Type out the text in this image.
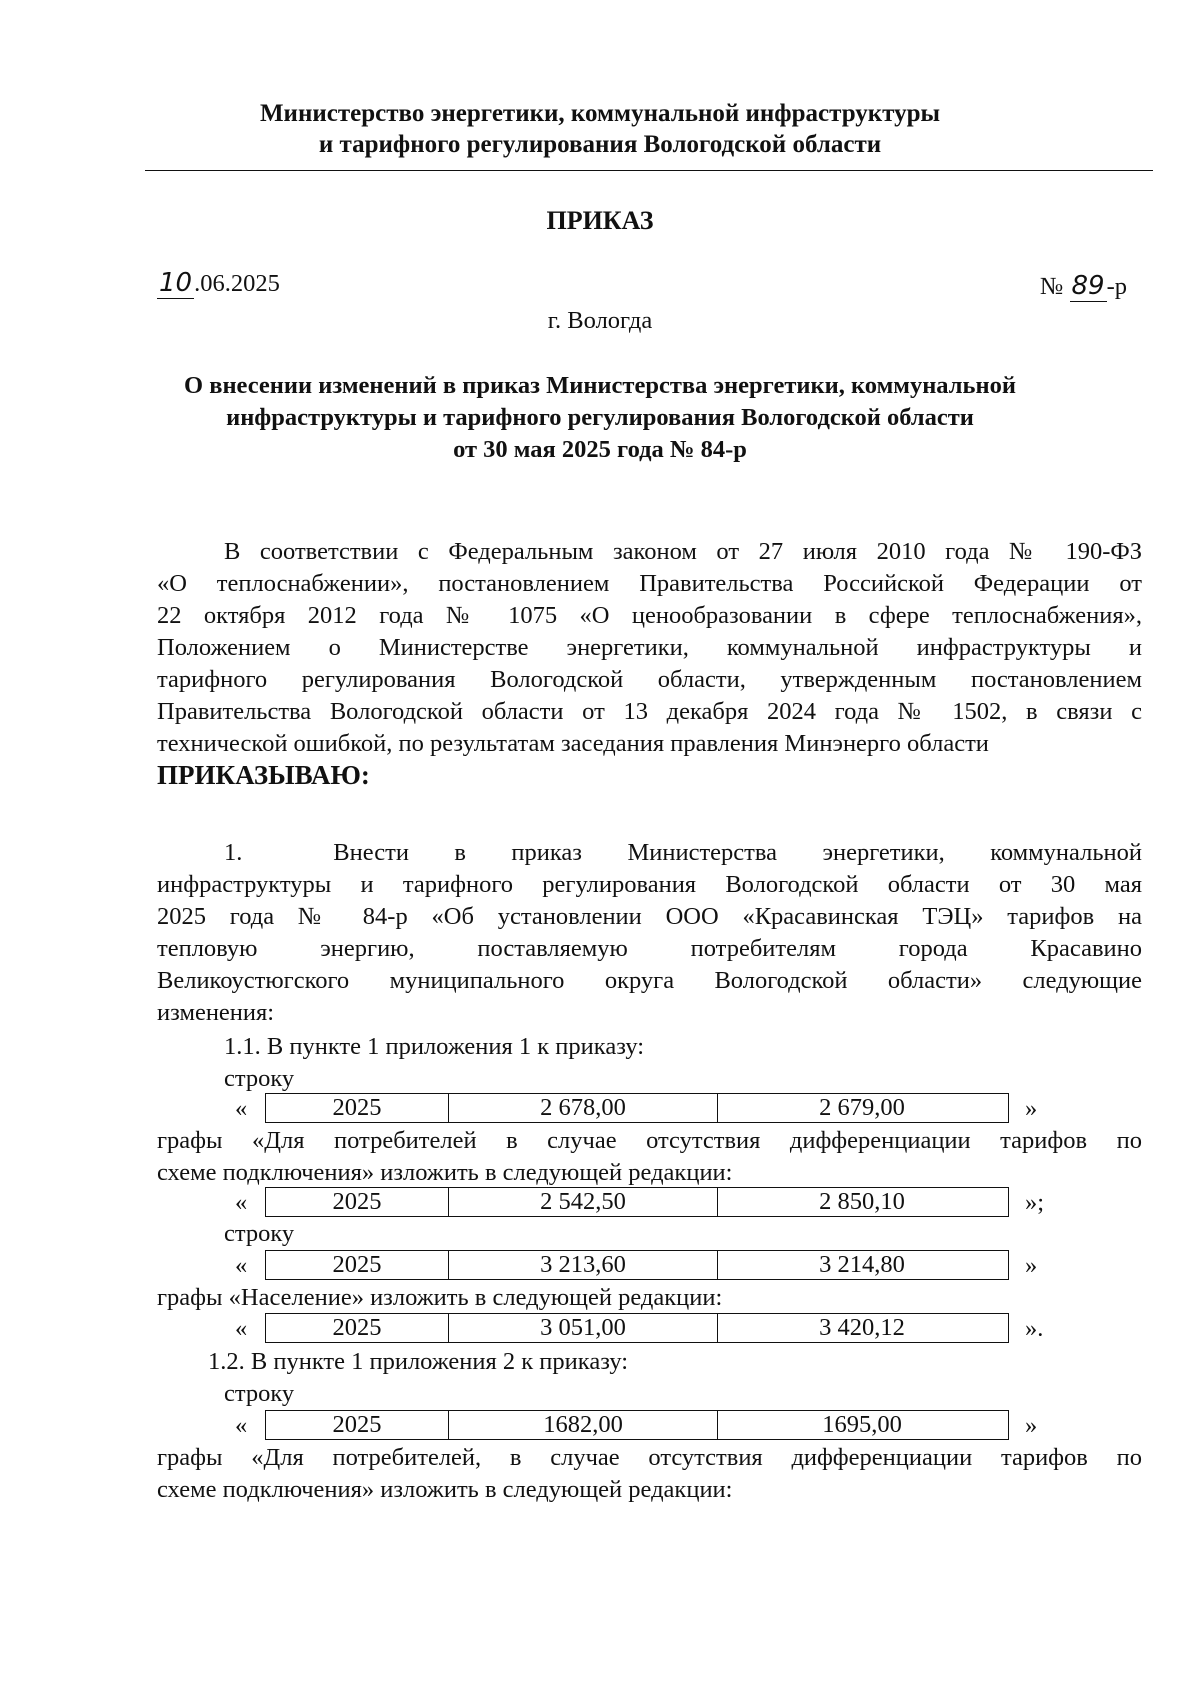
Министерство энергетики, коммунальной инфраструктуры
и тарифного регулирования Вологодской области
ПРИКАЗ
10.06.2025	№ 89-р
г. Вологда
О внесении изменений в приказ Министерства энергетики, коммунальной
инфраструктуры и тарифного регулирования Вологодской области
от 30 мая 2025 года № 84-р
В соответствии с Федеральным законом от 27 июля 2010 года № 190-ФЗ
«О теплоснабжении», постановлением Правительства Российской Федерации от
22 октября 2012 года № 1075 «О ценообразовании в сфере теплоснабжения»,
Положением о Министерстве энергетики, коммунальной инфраструктуры и
тарифного регулирования Вологодской области, утвержденным постановлением
Правительства Вологодской области от 13 декабря 2024 года № 1502, в связи с
технической ошибкой, по результатам заседания правления Минэнерго области
ПРИКАЗЫВАЮ:
1.  Внести в приказ Министерства энергетики, коммунальной
инфраструктуры и тарифного регулирования Вологодской области от 30 мая
2025 года № 84-р «Об установлении ООО «Красавинская ТЭЦ» тарифов на
тепловую энергию, поставляемую потребителям города Красавино
Великоустюгского муниципального округа Вологодской области» следующие
изменения:
1.1. В пункте 1 приложения 1 к приказу:
строку
«	2025	2 678,00	2 679,00	»
графы «Для потребителей в случае отсутствия дифференциации тарифов по
схеме подключения» изложить в следующей редакции:
«	2025	2 542,50	2 850,10	»;
строку
«	2025	3 213,60	3 214,80	»
графы «Население» изложить в следующей редакции:
«	2025	3 051,00	3 420,12	».
1.2. В пункте 1 приложения 2 к приказу:
строку
«	2025	1682,00	1695,00	»
графы «Для потребителей, в случае отсутствия дифференциации тарифов по
схеме подключения» изложить в следующей редакции:
